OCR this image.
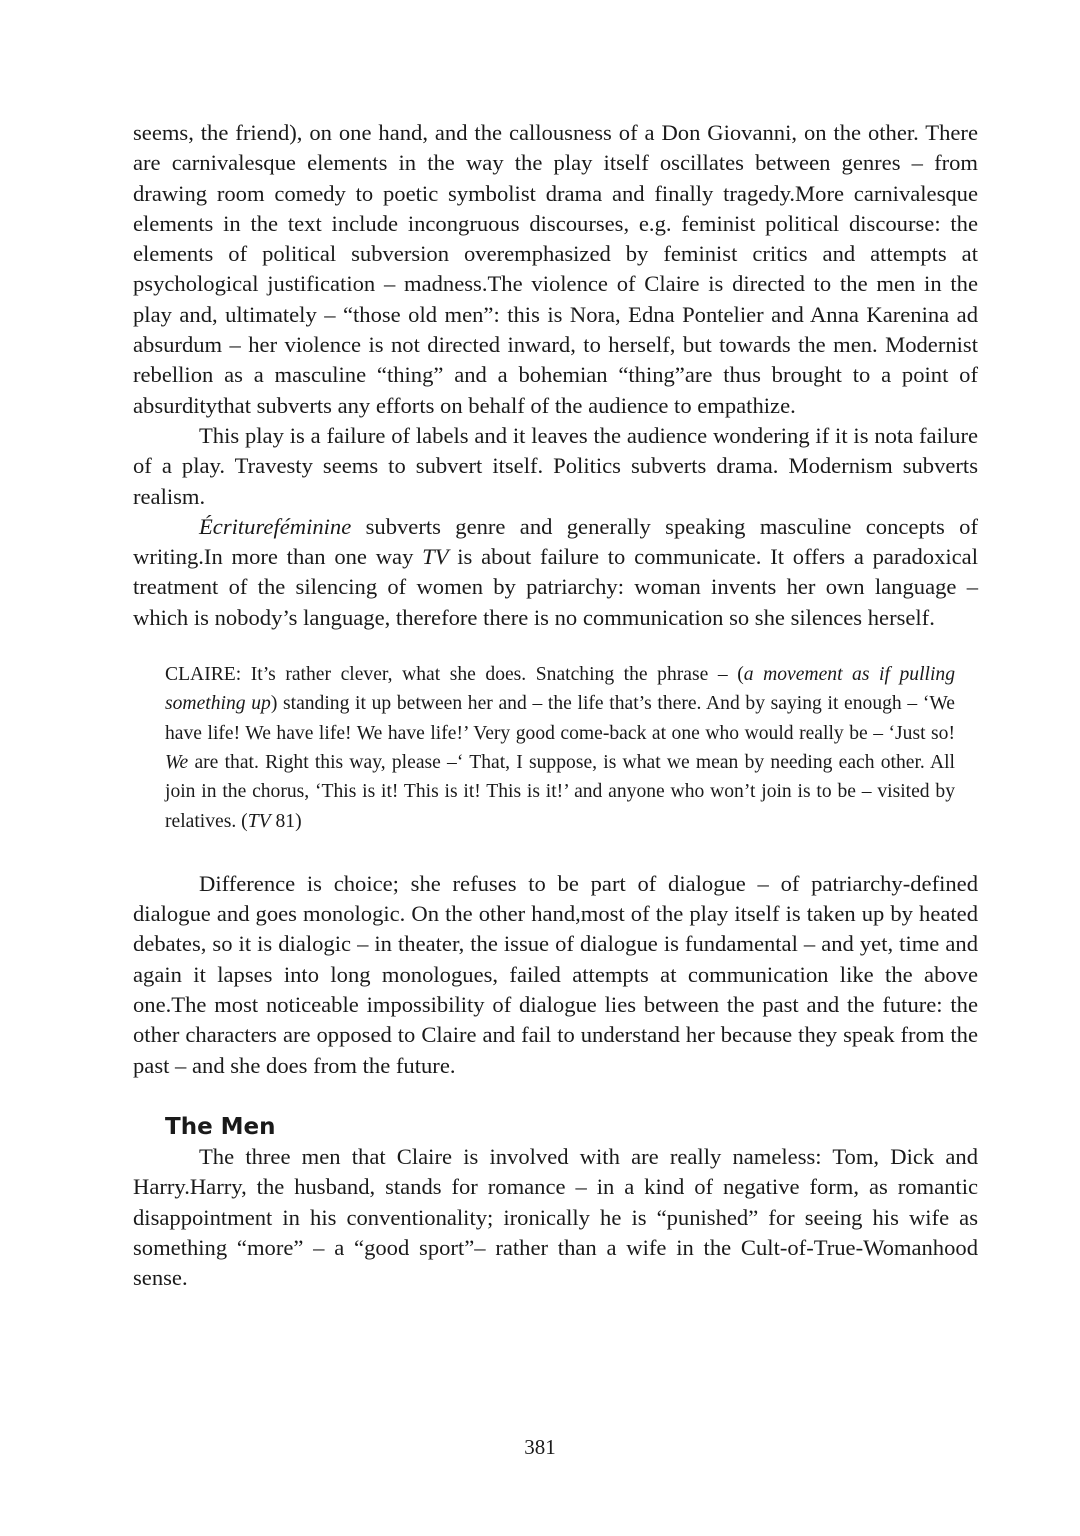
seems, the friend), on one hand, and the callousness of a Don Giovanni, on the other. There are carnivalesque elements in the way the play itself oscillates between genres – from drawing room comedy to poetic symbolist drama and finally tragedy.More carnivalesque elements in the text include incongruous discourses, e.g. feminist political discourse: the elements of political subversion overemphasized by feminist critics and attempts at psychological justification – madness.The violence of Claire is directed to the men in the play and, ultimately – “those old men”: this is Nora, Edna Pontelier and Anna Karenina ad absurdum – her violence is not directed inward, to herself, but towards the men. Modernist rebellion as a masculine “thing” and a bohemian “thing”are thus brought to a point of absurditythat subverts any efforts on behalf of the audience to empathize.

This play is a failure of labels and it leaves the audience wondering if it is nota failure of a play. Travesty seems to subvert itself. Politics subverts drama. Modernism subverts realism.

Écritureféminine subverts genre and generally speaking masculine concepts of writing.In more than one way TV is about failure to communicate. It offers a paradoxical treatment of the silencing of women by patriarchy: woman invents her own language – which is nobody’s language, therefore there is no communication so she silences herself.

CLAIRE: It’s rather clever, what she does. Snatching the phrase – (a movement as if pulling something up) standing it up between her and – the life that’s there. And by saying it enough – ‘We have life! We have life! We have life!’ Very good come-back at one who would really be – ‘Just so! We are that. Right this way, please –‘ That, I suppose, is what we mean by needing each other. All join in the chorus, ‘This is it! This is it! This is it!’ and anyone who won’t join is to be – visited by relatives. (TV 81)

Difference is choice; she refuses to be part of dialogue – of patriarchy-defined dialogue and goes monologic. On the other hand,most of the play itself is taken up by heated debates, so it is dialogic – in theater, the issue of dialogue is fundamental – and yet, time and again it lapses into long monologues, failed attempts at communication like the above one.The most noticeable impossibility of dialogue lies between the past and the future: the other characters are opposed to Claire and fail to understand her because they speak from the past – and she does from the future.

The Men

The three men that Claire is involved with are really nameless: Tom, Dick and Harry.Harry, the husband, stands for romance – in a kind of negative form, as romantic disappointment in his conventionality; ironically he is “punished” for seeing his wife as something “more” – a “good sport”– rather than a wife in the Cult-of-True-Womanhood sense.

381
